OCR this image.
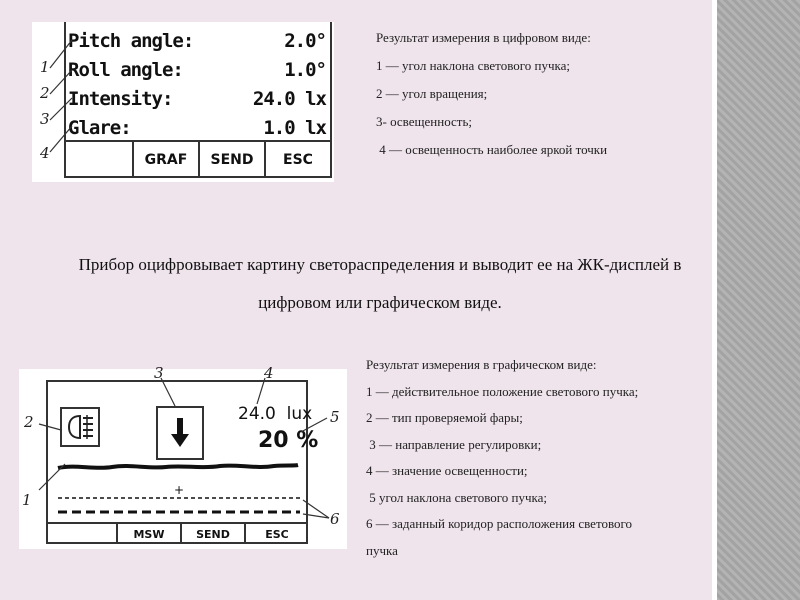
Pitch angle:	2.0°
Roll angle:	1.0°
Intensity:	24.0 lx
Glare:	1.0 lx
GRAF	SEND	ESC
1
2
3
4

Результат измерения в цифровом виде:

1 — угол наклона светового пучка;

2 — угол вращения;

3- освещенность;

4 — освещенность наиболее яркой точки

Прибор оцифровывает картину светораспределения и выводит ее на ЖК-дисплей в цифровом или графическом виде.
24.0  lux
20 %
+
MSW	SEND	ESC
1
2
3	4
5
6

Результат измерения в графическом виде:

1 — действительное положение светового пучка;

2 — тип проверяемой фары;

3 — направление регулировки;

4 — значение освещенности;

5 угол наклона светового пучка;

6 — заданный коридор расположения светового

пучка
